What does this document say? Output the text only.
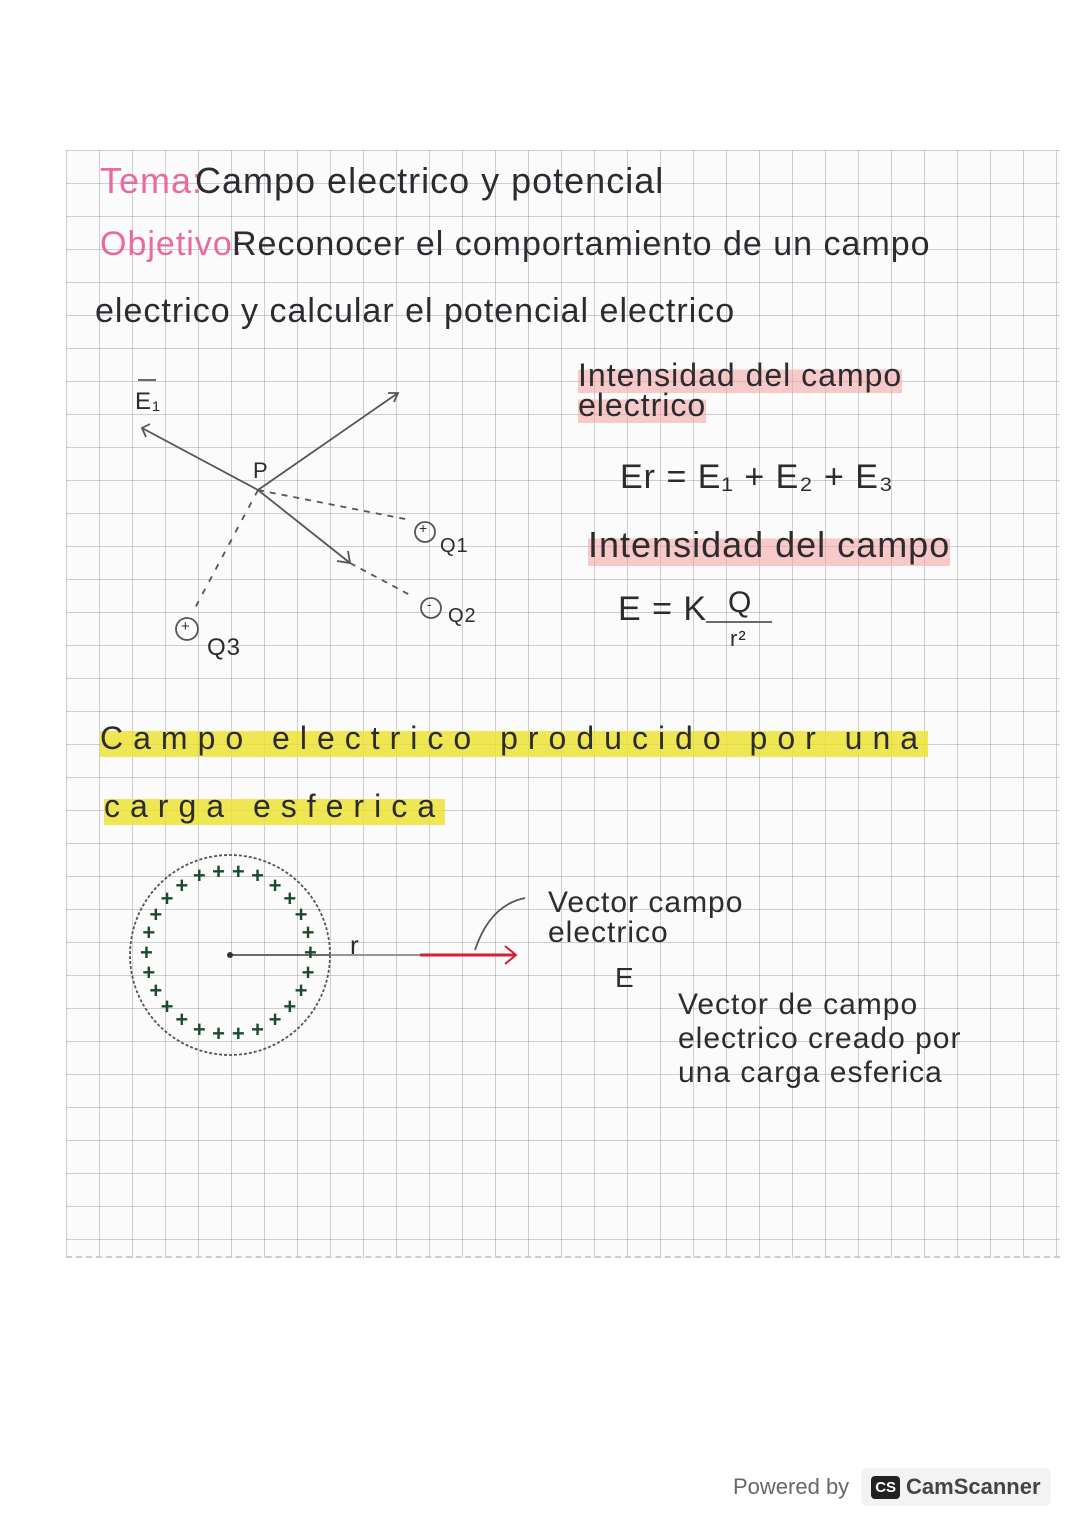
Tema:
Campo electrico y potencial
Objetivo:
Reconocer el comportamiento de un campo
electrico y calcular el potencial electrico
E₁
P
+
Q1
-
Q2
+
Q3
Intensidad del campo electrico
Er = E₁ + E₂ + E₃
Intensidad del campo
E = K Q
r²
Campo electrico producido por una
carga esferica
+
+
+
+
+
+
+
+
+
+
+
+
+
+
+
+
+
+ + + + + +
+
+
+ r
Vector campo electrico
E
Vector de campo
electrico creado por
una carga esferica
Powered by CS CamScanner
